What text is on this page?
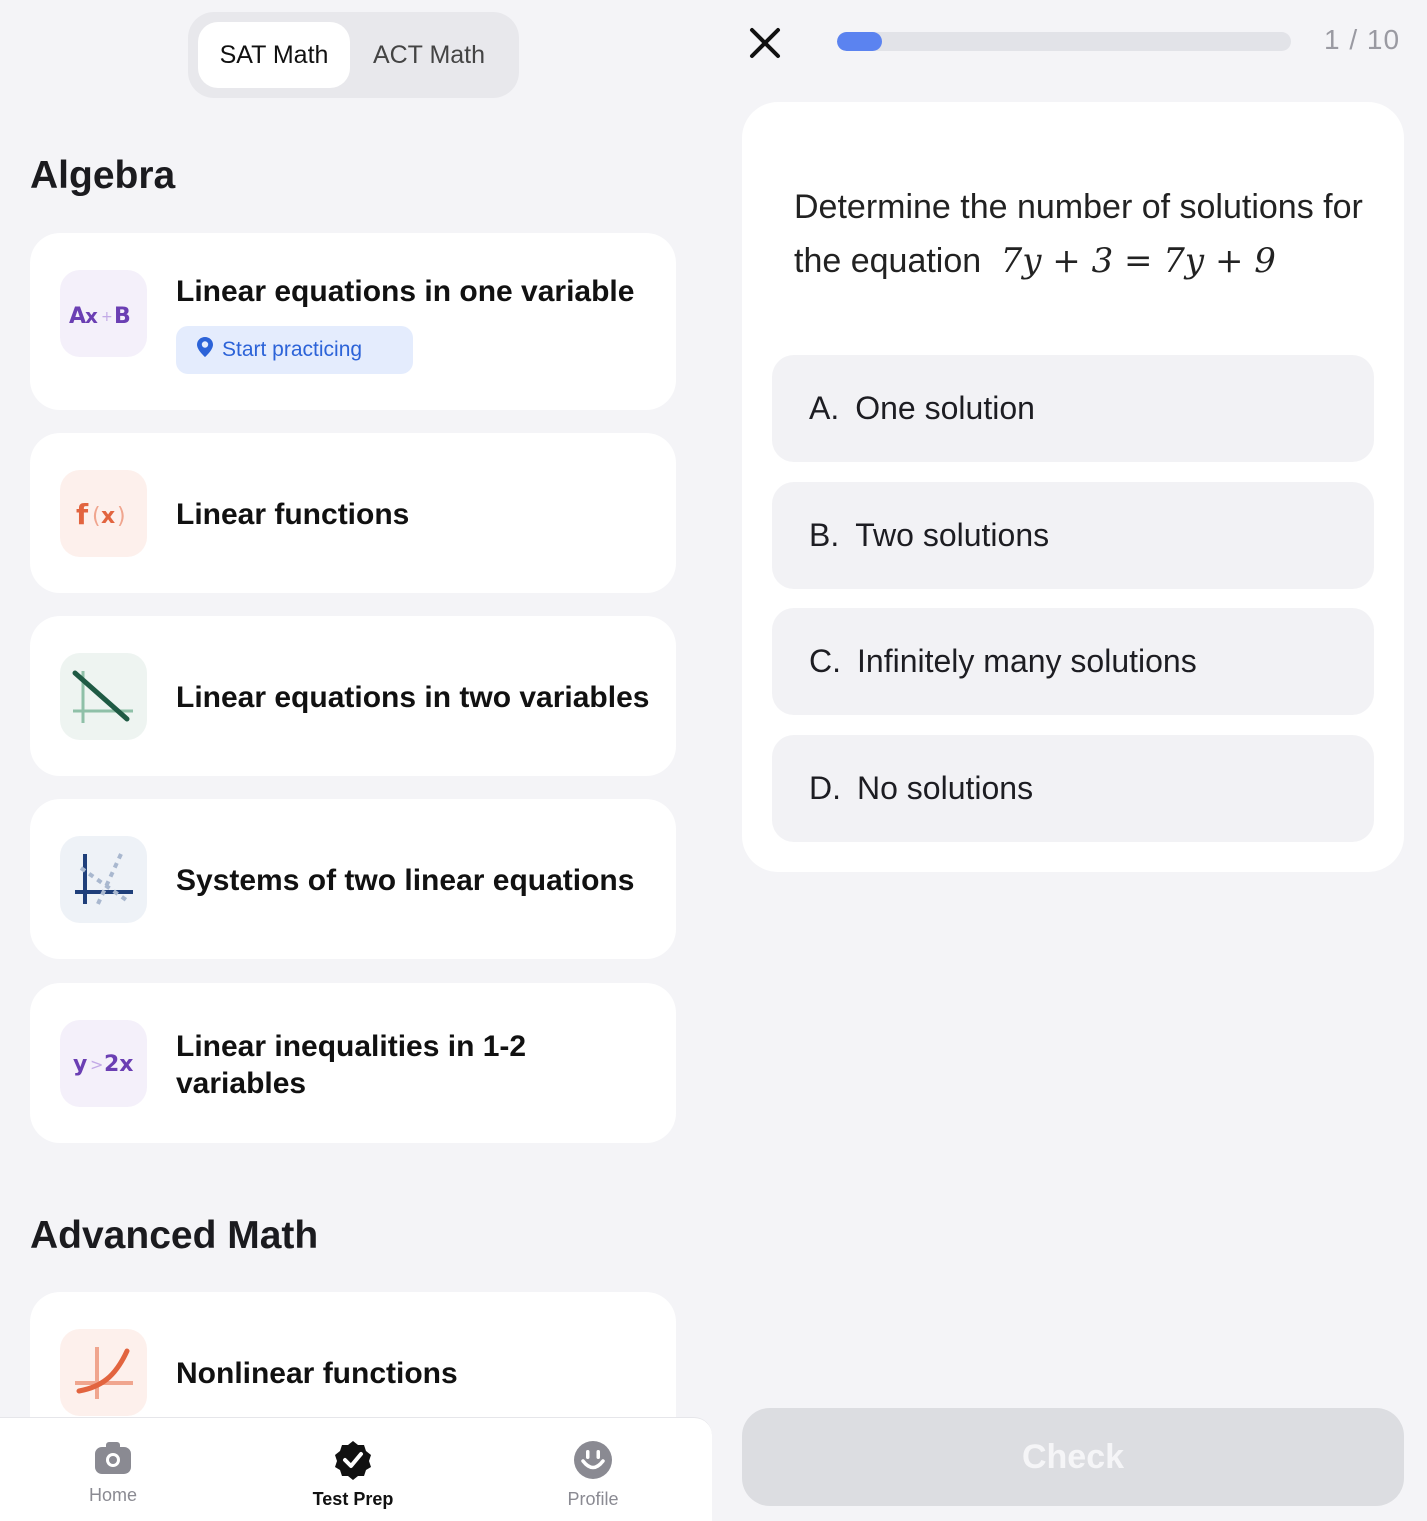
SAT Math	ACT Math
Algebra
A
x + B
Linear equations in one variable
Start practicing
f ( x ) Linear functions
Linear equations in two variables
Systems of two linear equations
y > 2x
Linear inequalities in 1-2 variables
Advanced Math
Nonlinear functions
Home	Test Prep	Profile
1 / 10
Determine the number of solutions for the equation 7y + 3 = 7y + 9
A. One solution
B. Two solutions
C. Infinitely many solutions
D. No solutions
Check
